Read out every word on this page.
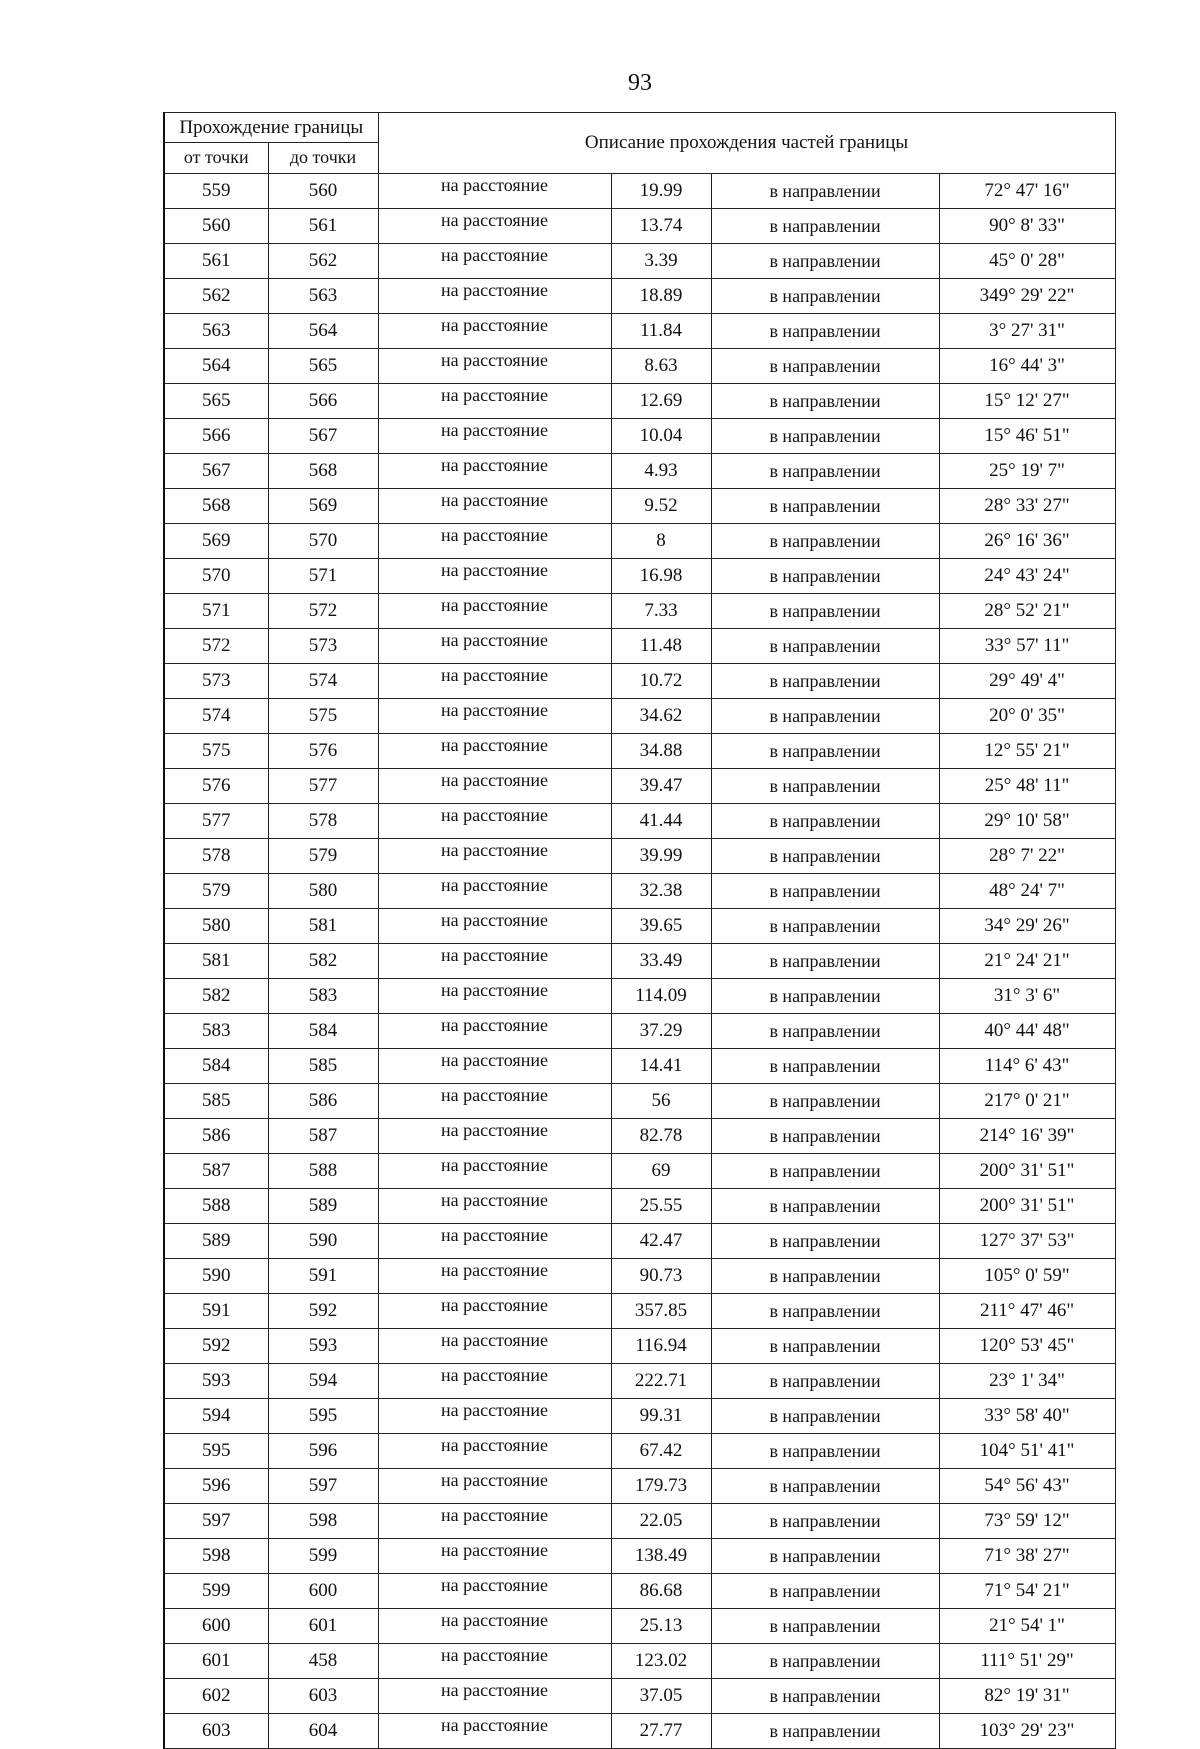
93
Прохождение границы		Описание прохождения частей границы			
от точки	до точки				
559	560	на расстояние	19.99	в направлении	72° 47' 16"
560	561	на расстояние	13.74	в направлении	90° 8' 33"
561	562	на расстояние	3.39	в направлении	45° 0' 28"
562	563	на расстояние	18.89	в направлении	349° 29' 22"
563	564	на расстояние	11.84	в направлении	3° 27' 31"
564	565	на расстояние	8.63	в направлении	16° 44' 3"
565	566	на расстояние	12.69	в направлении	15° 12' 27"
566	567	на расстояние	10.04	в направлении	15° 46' 51"
567	568	на расстояние	4.93	в направлении	25° 19' 7"
568	569	на расстояние	9.52	в направлении	28° 33' 27"
569	570	на расстояние	8	в направлении	26° 16' 36"
570	571	на расстояние	16.98	в направлении	24° 43' 24"
571	572	на расстояние	7.33	в направлении	28° 52' 21"
572	573	на расстояние	11.48	в направлении	33° 57' 11"
573	574	на расстояние	10.72	в направлении	29° 49' 4"
574	575	на расстояние	34.62	в направлении	20° 0' 35"
575	576	на расстояние	34.88	в направлении	12° 55' 21"
576	577	на расстояние	39.47	в направлении	25° 48' 11"
577	578	на расстояние	41.44	в направлении	29° 10' 58"
578	579	на расстояние	39.99	в направлении	28° 7' 22"
579	580	на расстояние	32.38	в направлении	48° 24' 7"
580	581	на расстояние	39.65	в направлении	34° 29' 26"
581	582	на расстояние	33.49	в направлении	21° 24' 21"
582	583	на расстояние	114.09	в направлении	31° 3' 6"
583	584	на расстояние	37.29	в направлении	40° 44' 48"
584	585	на расстояние	14.41	в направлении	114° 6' 43"
585	586	на расстояние	56	в направлении	217° 0' 21"
586	587	на расстояние	82.78	в направлении	214° 16' 39"
587	588	на расстояние	69	в направлении	200° 31' 51"
588	589	на расстояние	25.55	в направлении	200° 31' 51"
589	590	на расстояние	42.47	в направлении	127° 37' 53"
590	591	на расстояние	90.73	в направлении	105° 0' 59"
591	592	на расстояние	357.85	в направлении	211° 47' 46"
592	593	на расстояние	116.94	в направлении	120° 53' 45"
593	594	на расстояние	222.71	в направлении	23° 1' 34"
594	595	на расстояние	99.31	в направлении	33° 58' 40"
595	596	на расстояние	67.42	в направлении	104° 51' 41"
596	597	на расстояние	179.73	в направлении	54° 56' 43"
597	598	на расстояние	22.05	в направлении	73° 59' 12"
598	599	на расстояние	138.49	в направлении	71° 38' 27"
599	600	на расстояние	86.68	в направлении	71° 54' 21"
600	601	на расстояние	25.13	в направлении	21° 54' 1"
601	458	на расстояние	123.02	в направлении	111° 51' 29"
602	603	на расстояние	37.05	в направлении	82° 19' 31"
603	604	на расстояние	27.77	в направлении	103° 29' 23"
